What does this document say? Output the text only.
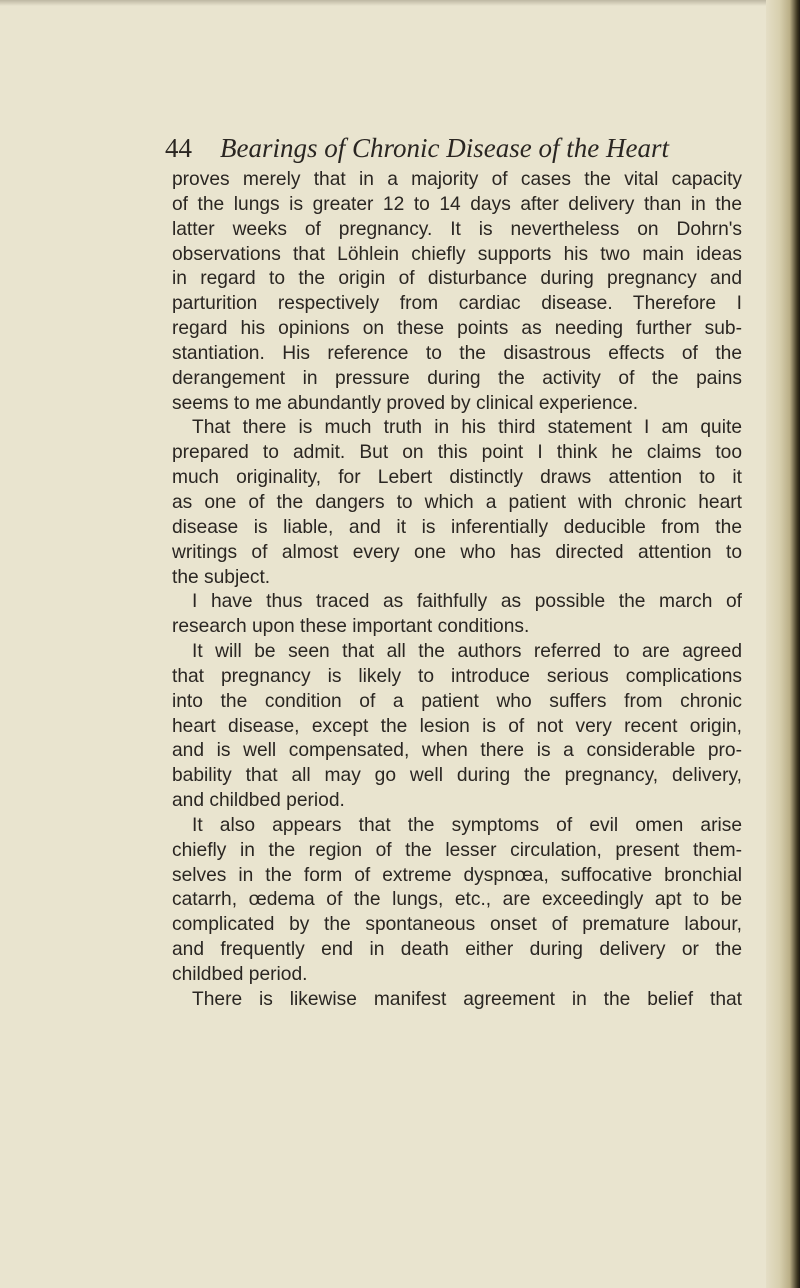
44 Bearings of Chronic Disease of the Heart
proves merely that in a majority of cases the vital capacity
of the lungs is greater 12 to 14 days after delivery than in the
latter weeks of pregnancy. It is nevertheless on Dohrn's
observations that Löhlein chiefly supports his two main ideas
in regard to the origin of disturbance during pregnancy and
parturition respectively from cardiac disease. Therefore I
regard his opinions on these points as needing further sub-
stantiation. His reference to the disastrous effects of the
derangement in pressure during the activity of the pains
seems to me abundantly proved by clinical experience.
That there is much truth in his third statement I am quite
prepared to admit. But on this point I think he claims too
much originality, for Lebert distinctly draws attention to it
as one of the dangers to which a patient with chronic heart
disease is liable, and it is inferentially deducible from the
writings of almost every one who has directed attention to
the subject.
I have thus traced as faithfully as possible the march of
research upon these important conditions.
It will be seen that all the authors referred to are agreed
that pregnancy is likely to introduce serious complications
into the condition of a patient who suffers from chronic
heart disease, except the lesion is of not very recent origin,
and is well compensated, when there is a considerable pro-
bability that all may go well during the pregnancy, delivery,
and childbed period.
It also appears that the symptoms of evil omen arise
chiefly in the region of the lesser circulation, present them-
selves in the form of extreme dyspnœa, suffocative bronchial
catarrh, œdema of the lungs, etc., are exceedingly apt to be
complicated by the spontaneous onset of premature labour,
and frequently end in death either during delivery or the
childbed period.
There is likewise manifest agreement in the belief that
